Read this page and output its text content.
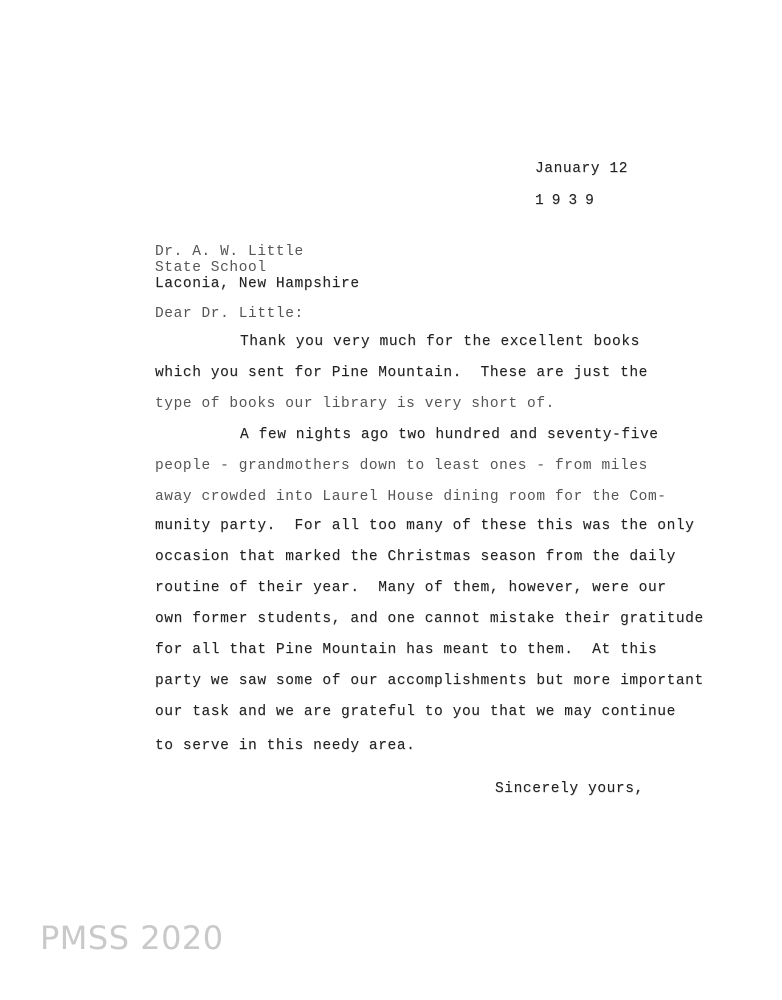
January 12
1939
Dr. A. W. Little
State School
Laconia, New Hampshire
Dear Dr. Little:
Thank you very much for the excellent books
which you sent for Pine Mountain.  These are just the
type of books our library is very short of.
A few nights ago two hundred and seventy-five
people - grandmothers down to least ones - from miles
away crowded into Laurel House dining room for the Com-
munity party.  For all too many of these this was the only
occasion that marked the Christmas season from the daily
routine of their year.  Many of them, however, were our
own former students, and one cannot mistake their gratitude
for all that Pine Mountain has meant to them.  At this
party we saw some of our accomplishments but more important
our task and we are grateful to you that we may continue
to serve in this needy area.
Sincerely yours,
PMSS 2020
